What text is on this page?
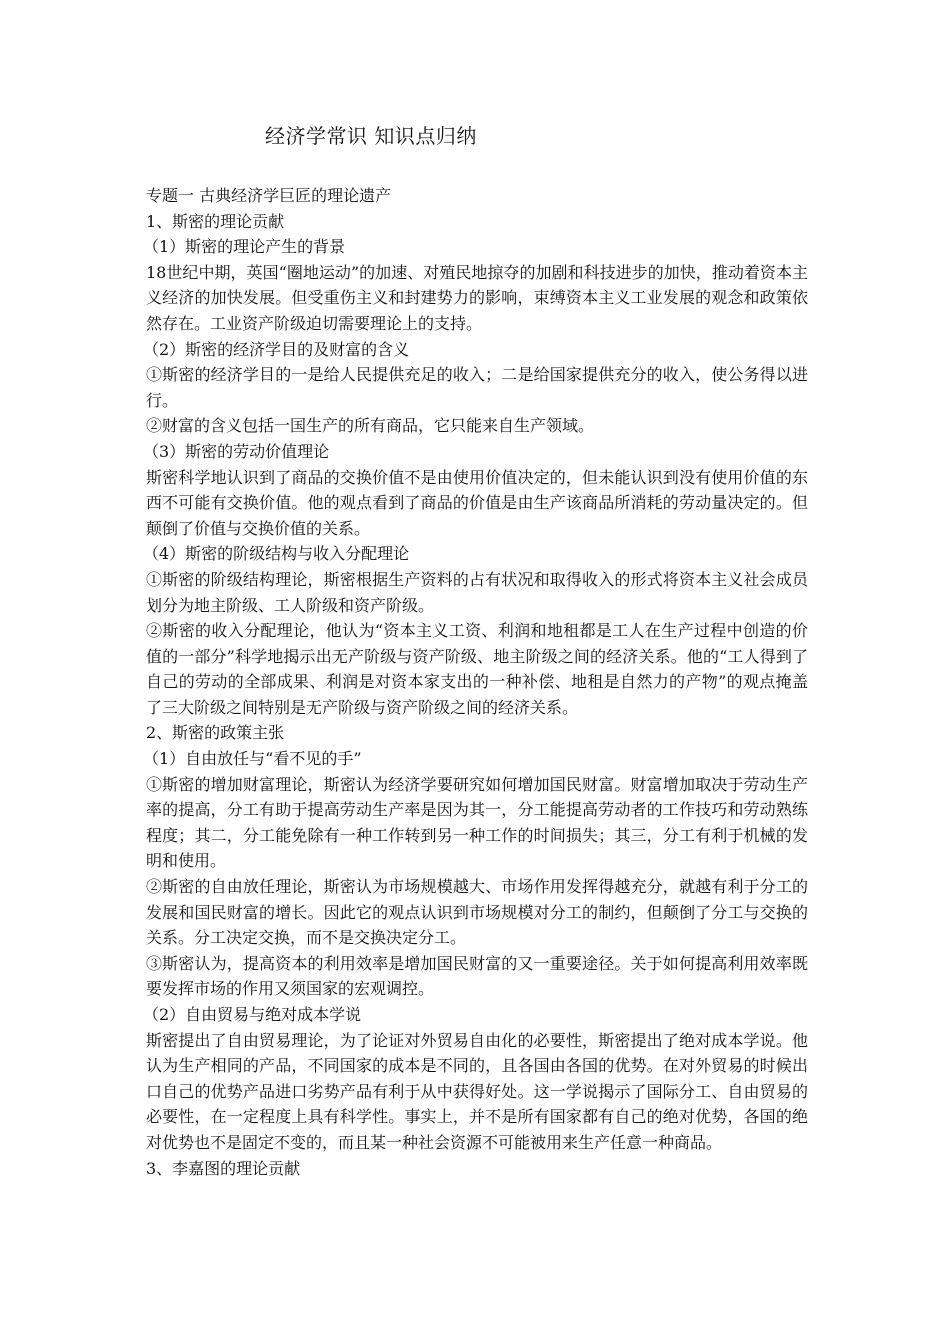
经济学常识 知识点归纳

专题一 古典经济学巨匠的理论遗产

1、斯密的理论贡献

（1）斯密的理论产生的背景

18世纪中期，英国“圈地运动”的加速、对殖民地掠夺的加剧和科技进步的加快，推动着资本主义经济的加快发展。但受重伤主义和封建势力的影响，束缚资本主义工业发展的观念和政策依然存在。工业资产阶级迫切需要理论上的支持。

（2）斯密的经济学目的及财富的含义

①斯密的经济学目的一是给人民提供充足的收入；二是给国家提供充分的收入，使公务得以进行。

②财富的含义包括一国生产的所有商品，它只能来自生产领域。

（3）斯密的劳动价值理论

斯密科学地认识到了商品的交换价值不是由使用价值决定的，但未能认识到没有使用价值的东西不可能有交换价值。他的观点看到了商品的价值是由生产该商品所消耗的劳动量决定的。但颠倒了价值与交换价值的关系。

（4）斯密的阶级结构与收入分配理论

①斯密的阶级结构理论，斯密根据生产资料的占有状况和取得收入的形式将资本主义社会成员划分为地主阶级、工人阶级和资产阶级。

②斯密的收入分配理论，他认为“资本主义工资、利润和地租都是工人在生产过程中创造的价值的一部分”科学地揭示出无产阶级与资产阶级、地主阶级之间的经济关系。他的“工人得到了自己的劳动的全部成果、利润是对资本家支出的一种补偿、地租是自然力的产物”的观点掩盖了三大阶级之间特别是无产阶级与资产阶级之间的经济关系。

2、斯密的政策主张

（1）自由放任与“看不见的手”

①斯密的增加财富理论，斯密认为经济学要研究如何增加国民财富。财富增加取决于劳动生产率的提高，分工有助于提高劳动生产率是因为其一，分工能提高劳动者的工作技巧和劳动熟练程度；其二，分工能免除有一种工作转到另一种工作的时间损失；其三，分工有利于机械的发明和使用。

②斯密的自由放任理论，斯密认为市场规模越大、市场作用发挥得越充分，就越有利于分工的发展和国民财富的增长。因此它的观点认识到市场规模对分工的制约，但颠倒了分工与交换的关系。分工决定交换，而不是交换决定分工。

③斯密认为，提高资本的利用效率是增加国民财富的又一重要途径。关于如何提高利用效率既要发挥市场的作用又须国家的宏观调控。

（2）自由贸易与绝对成本学说

斯密提出了自由贸易理论，为了论证对外贸易自由化的必要性，斯密提出了绝对成本学说。他认为生产相同的产品，不同国家的成本是不同的，且各国由各国的优势。在对外贸易的时候出口自己的优势产品进口劣势产品有利于从中获得好处。这一学说揭示了国际分工、自由贸易的必要性，在一定程度上具有科学性。事实上，并不是所有国家都有自己的绝对优势，各国的绝对优势也不是固定不变的，而且某一种社会资源不可能被用来生产任意一种商品。

3、李嘉图的理论贡献
